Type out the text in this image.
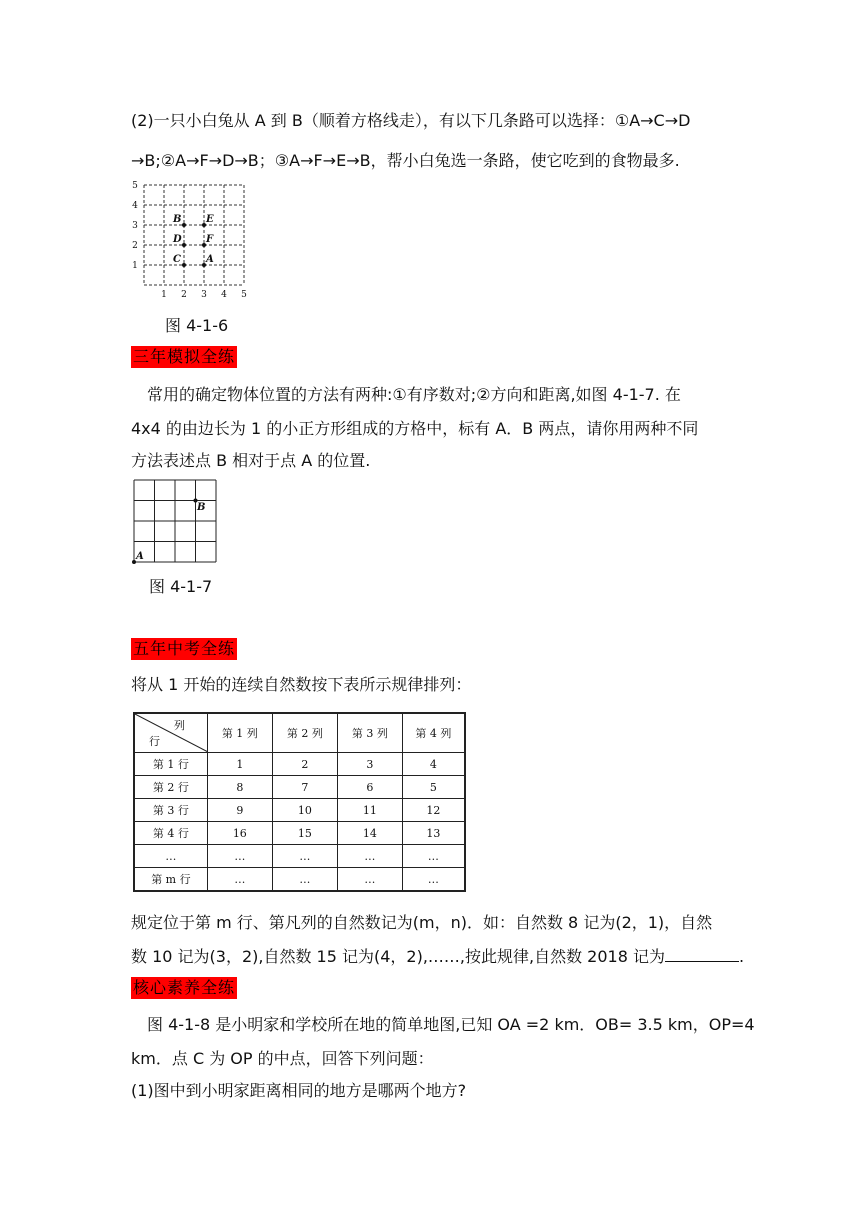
(2)一只小白兔从 A 到 B（顺着方格线走），有以下几条路可以选择：①A→C→D
→B;②A→F→D→B；③A→F→E→B，帮小白兔选一条路，使它吃到的食物最多.
1 2 3 4 5
1
2
3
4
5
B E
D F
C	A
图 4-1-6
三年模拟全练
常用的确定物体位置的方法有两种:①有序数对;②方向和距离,如图 4-1-7. 在
4x4 的由边长为 1 的小正方形组成的方格中，标有 A．B 两点，请你用两种不同
方法表述点 B 相对于点 A 的位置.
A
B
图 4-1-7
五年中考全练
将从 1 开始的连续自然数按下表所示规律排列：
列
行	第 1 列	第 2 列	第 3 列	第 4 列
第 1 行	1	2	3	4
第 2 行	8	7	6	5
第 3 行	9	10	11	12
第 4 行	16	15	14	13
…	…	…	…	…
第 m 行	…	…	…	…
规定位于第 m 行、第凡列的自然数记为(m，n)．如：自然数 8 记为(2，1)，自然
数 10 记为(3，2),自然数 15 记为(4，2),……,按此规律,自然数 2018 记为	.
核心素养全练
图 4-1-8 是小明家和学校所在地的简单地图,已知 OA =2 km．OB= 3.5 km，OP=4
km．点 C 为 OP 的中点，回答下列问题：
(1)图中到小明家距离相同的地方是哪两个地方?
